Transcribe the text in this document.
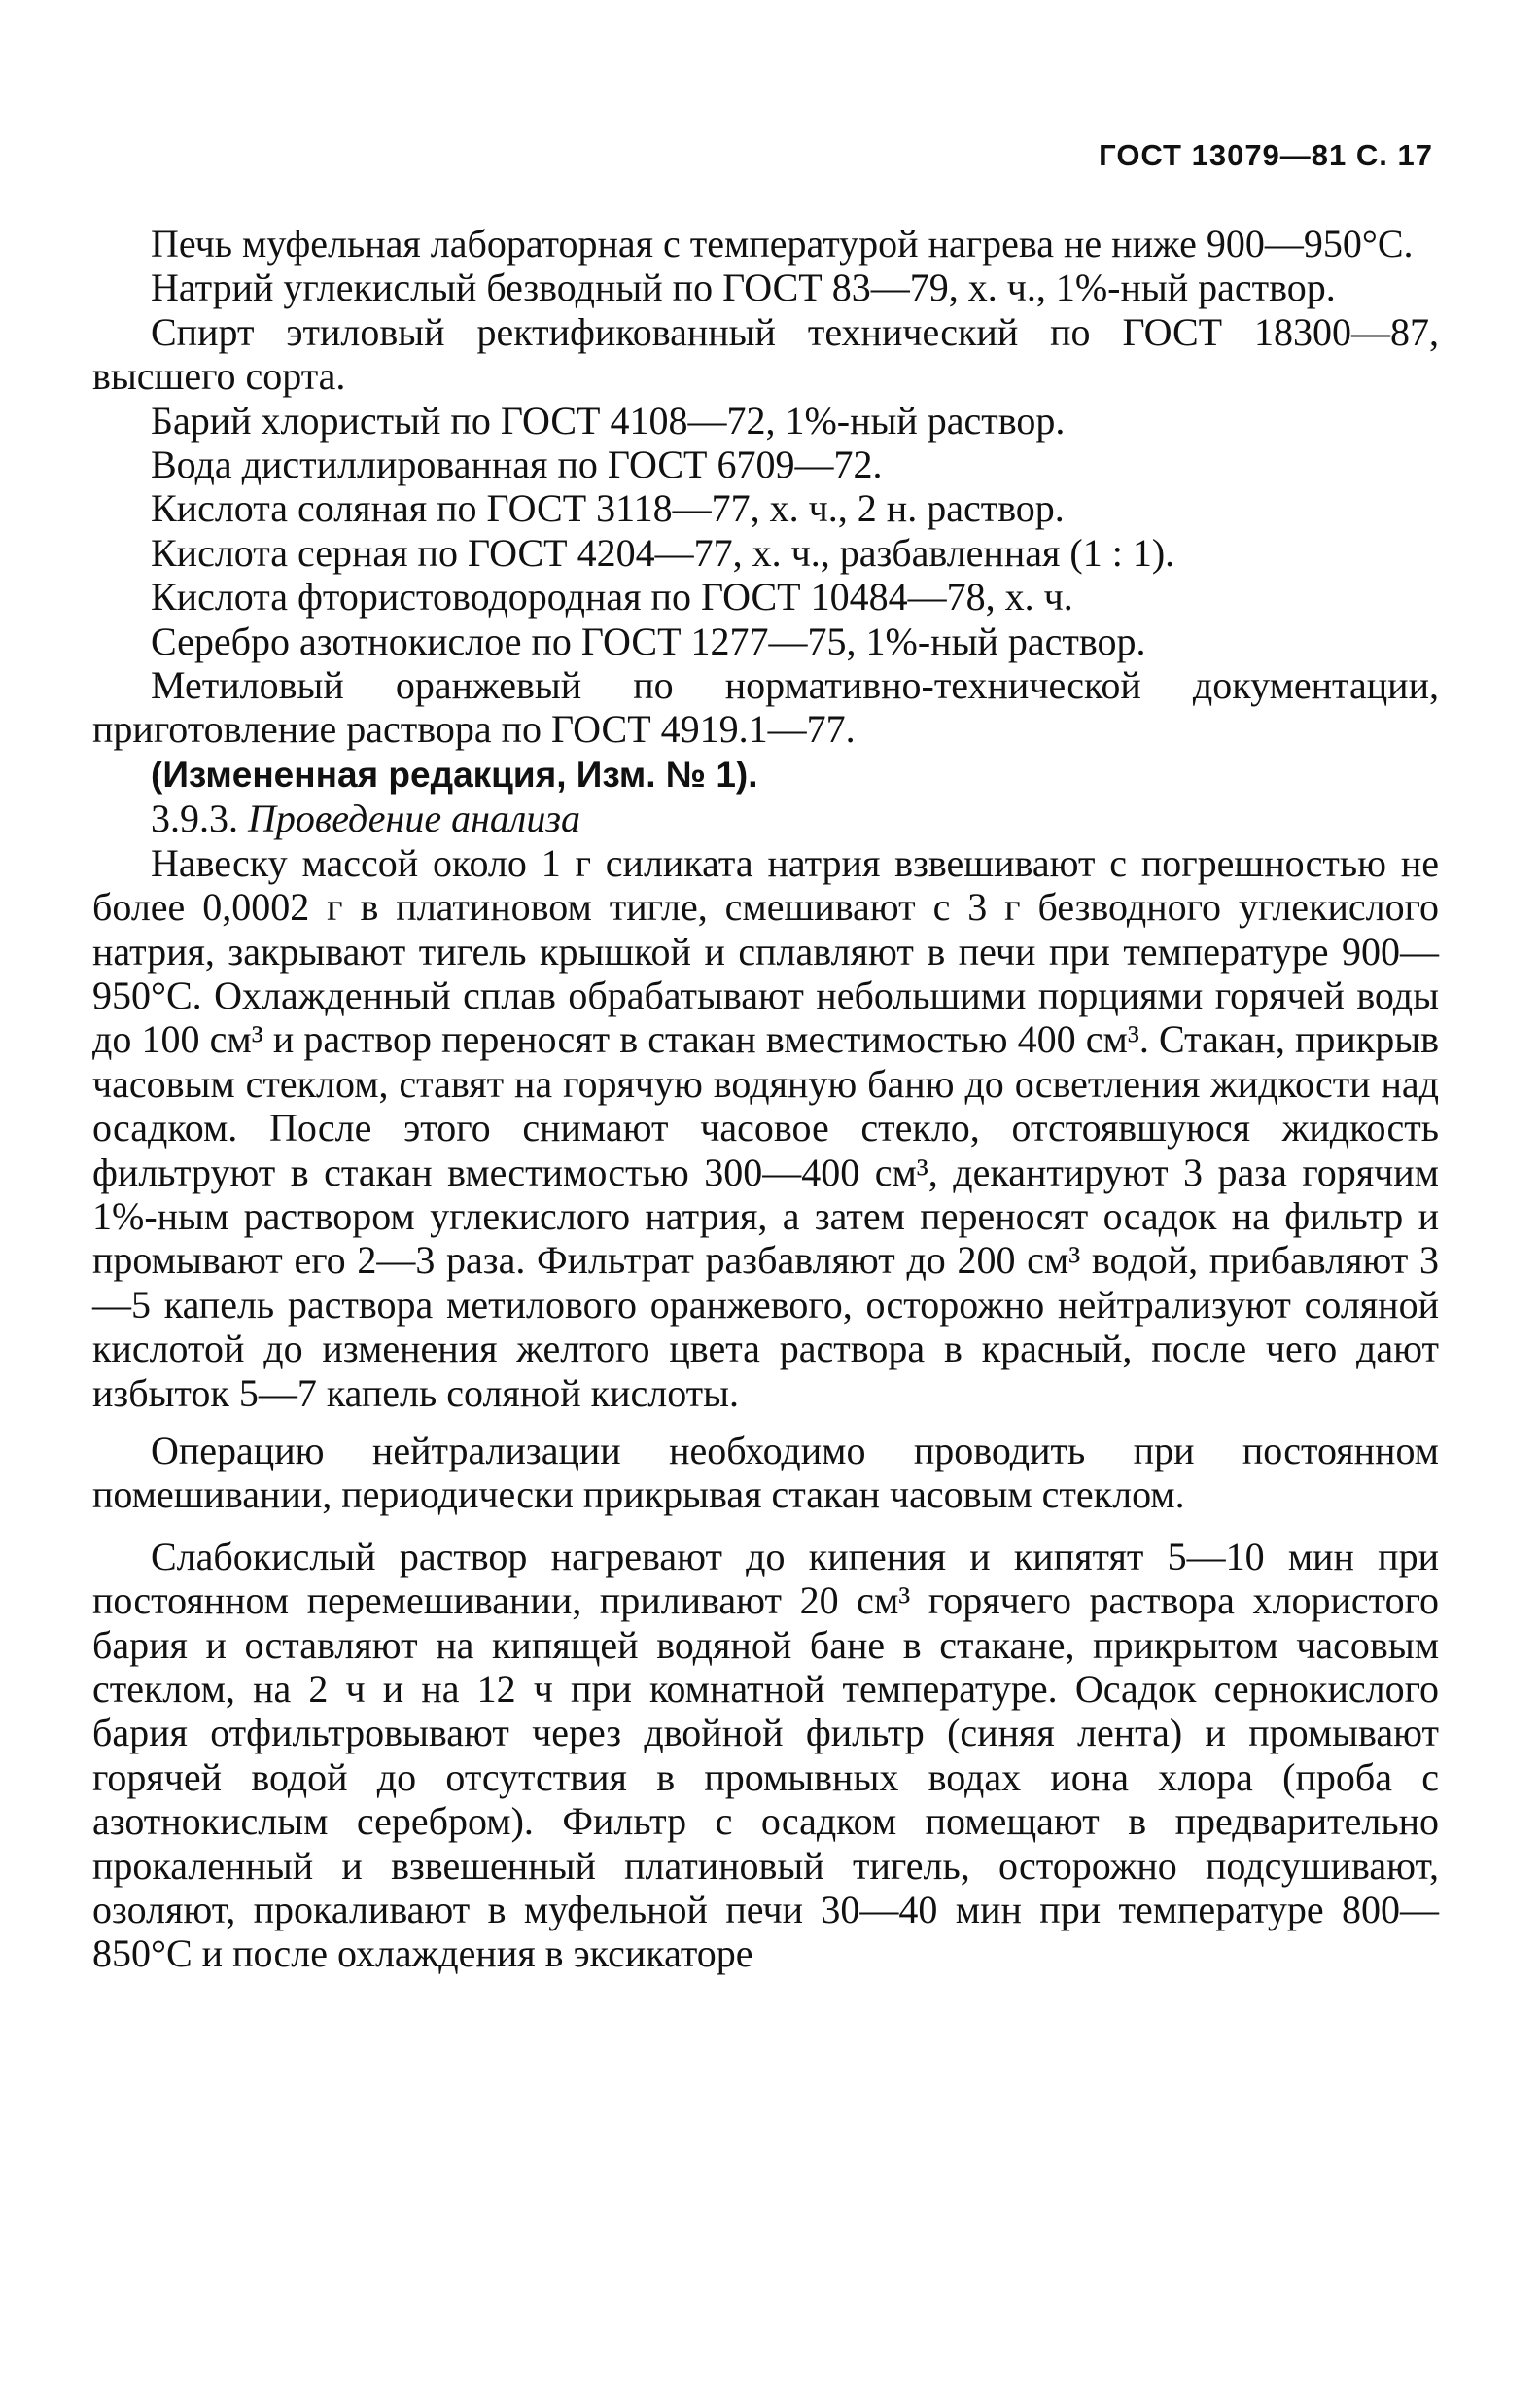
ГОСТ 13079—81 С. 17

Печь муфельная лабораторная с температурой нагрева не ниже 900—950°С.

Натрий углекислый безводный по ГОСТ 83—79, х. ч., 1%-ный раствор.

Спирт этиловый ректификованный технический по ГОСТ 18300—87, высшего сорта.

Барий хлористый по ГОСТ 4108—72, 1%-ный раствор.

Вода дистиллированная по ГОСТ 6709—72.

Кислота соляная по ГОСТ 3118—77, х. ч., 2 н. раствор.

Кислота серная по ГОСТ 4204—77, х. ч., разбавленная (1 : 1).

Кислота фтористоводородная по ГОСТ 10484—78, х. ч.

Серебро азотнокислое по ГОСТ 1277—75, 1%-ный раствор.

Метиловый оранжевый по нормативно-технической документации, приготовление раствора по ГОСТ 4919.1—77.

(Измененная редакция, Изм. № 1).

3.9.3. Проведение анализа

Навеску массой около 1 г силиката натрия взвешивают с погрешностью не более 0,0002 г в платиновом тигле, смешивают с 3 г безводного углекислого натрия, закрывают тигель крышкой и сплавляют в печи при температуре 900—950°С. Охлажденный сплав обрабатывают небольшими порциями горячей воды до 100 см³ и раствор переносят в стакан вместимостью 400 см³. Стакан, прикрыв часовым стеклом, ставят на горячую водяную баню до осветления жидкости над осадком. После этого снимают часовое стекло, отстоявшуюся жидкость фильтруют в стакан вместимостью 300—400 см³, декантируют 3 раза горячим 1%-ным раствором углекислого натрия, а затем переносят осадок на фильтр и промывают его 2—3 раза. Фильтрат разбавляют до 200 см³ водой, прибавляют 3—5 капель раствора метилового оранжевого, осторожно нейтрализуют соляной кислотой до изменения желтого цвета раствора в красный, после чего дают избыток 5—7 капель соляной кислоты.

Операцию нейтрализации необходимо проводить при постоянном помешивании, периодически прикрывая стакан часовым стеклом.

Слабокислый раствор нагревают до кипения и кипятят 5—10 мин при постоянном перемешивании, приливают 20 см³ горячего раствора хлористого бария и оставляют на кипящей водяной бане в стакане, прикрытом часовым стеклом, на 2 ч и на 12 ч при комнатной температуре. Осадок сернокислого бария отфильтровывают через двойной фильтр (синяя лента) и промывают горячей водой до отсутствия в промывных водах иона хлора (проба с азотнокислым серебром). Фильтр с осадком помещают в предварительно прокаленный и взвешенный платиновый тигель, осторожно подсушивают, озоляют, прокаливают в муфельной печи 30—40 мин при температуре 800—850°С и после охлаждения в эксикаторе
